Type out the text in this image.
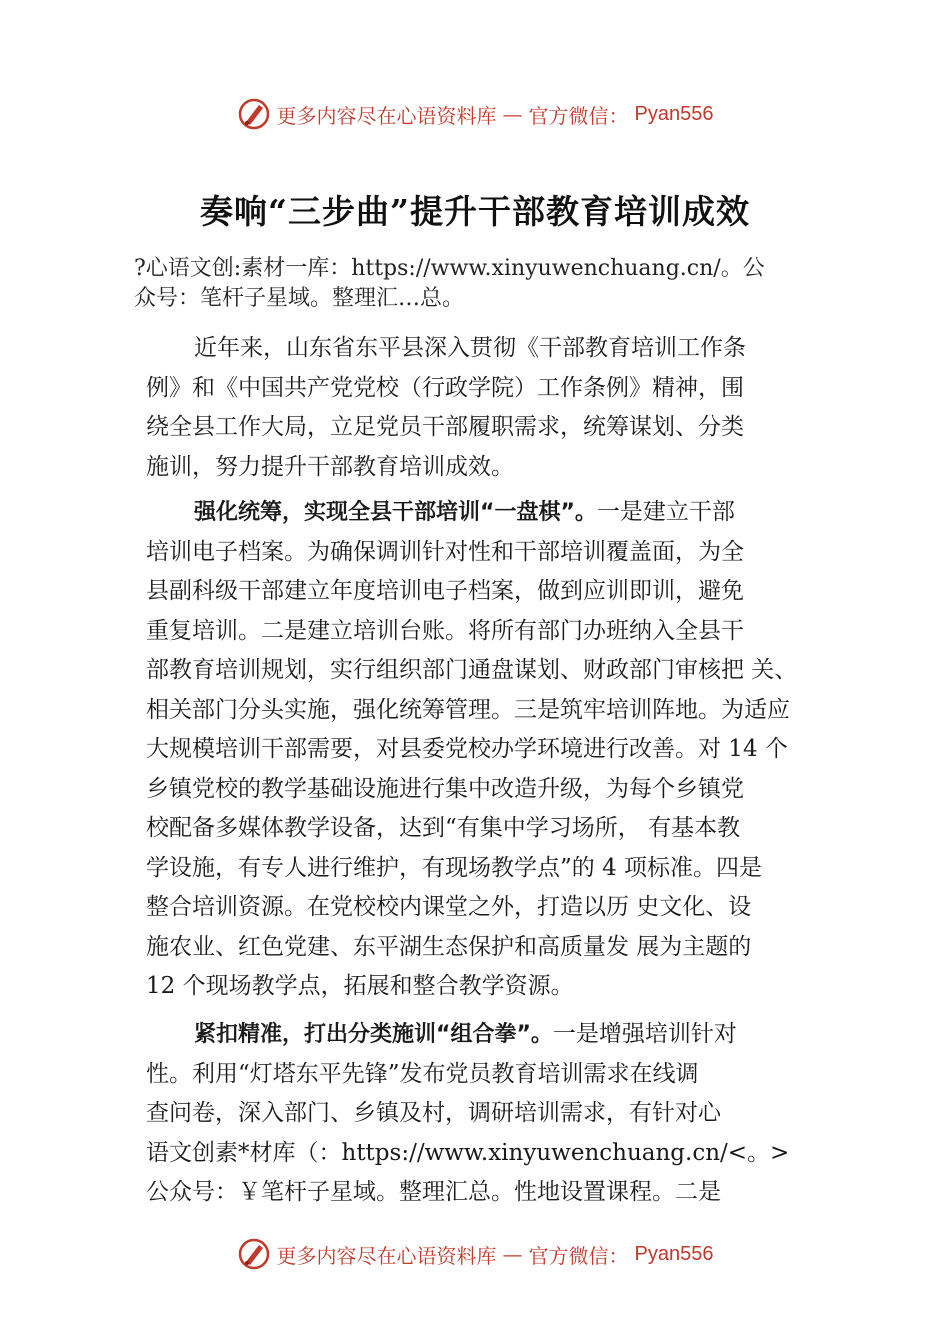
更多内容尽在心语资料库 — 官方微信： Pyan556
奏响“三步曲”提升干部教育培训成效
?心语文创:素材一库：https://www.xinyuwenchuang.cn/。公
众号：笔杆子星域。整理汇…总。
近年来，山东省东平县深入贯彻《干部教育培训工作条
例》和《中国共产党党校（行政学院）工作条例》精神，围
绕全县工作大局，立足党员干部履职需求，统筹谋划、分类
施训，努力提升干部教育培训成效。
强化统筹，实现全县干部培训“一盘棋”。一是建立干部
培训电子档案。为确保调训针对性和干部培训覆盖面，为全
县副科级干部建立年度培训电子档案，做到应训即训，避免
重复培训。二是建立培训台账。将所有部门办班纳入全县干
部教育培训规划，实行组织部门通盘谋划、财政部门审核把 关、
相关部门分头实施，强化统筹管理。三是筑牢培训阵地。为适应
大规模培训干部需要，对县委党校办学环境进行改善。对 14 个
乡镇党校的教学基础设施进行集中改造升级，为每个乡镇党
校配备多媒体教学设备，达到“有集中学习场所， 有基本教
学设施，有专人进行维护，有现场教学点”的 4 项标准。四是
整合培训资源。在党校校内课堂之外，打造以历 史文化、设
施农业、红色党建、东平湖生态保护和高质量发 展为主题的
12 个现场教学点，拓展和整合教学资源。
紧扣精准，打出分类施训“组合拳”。一是增强培训针对
性。利用“灯塔东平先锋”发布党员教育培训需求在线调
查问卷，深入部门、乡镇及村，调研培训需求，有针对心
语文创素*材库（：https://www.xinyuwenchuang.cn/<。>
公众号：￥笔杆子星域。整理汇总。性地设置课程。二是
更多内容尽在心语资料库 — 官方微信： Pyan556
